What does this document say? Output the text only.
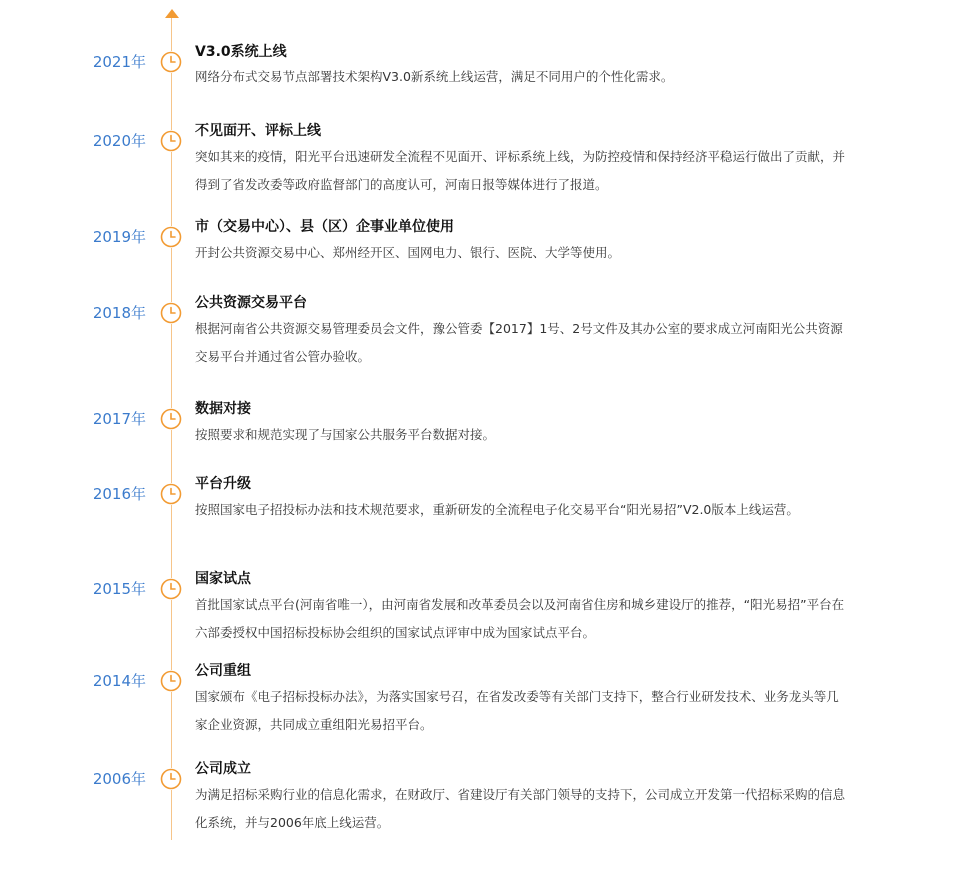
2021年
V3.0系统上线
网络分布式交易节点部署技术架构V3.0新系统上线运营，满足不同用户的个性化需求。
2020年
不见面开、评标上线
突如其来的疫情，阳光平台迅速研发全流程不见面开、评标系统上线，为防控疫情和保持经济平稳运行做出了贡献，并得到了省发改委等政府监督部门的高度认可，河南日报等媒体进行了报道。
2019年
市（交易中心）、县（区）企事业单位使用
开封公共资源交易中心、郑州经开区、国网电力、银行、医院、大学等使用。
2018年
公共资源交易平台
根据河南省公共资源交易管理委员会文件，豫公管委【2017】1号、2号文件及其办公室的要求成立河南阳光公共资源交易平台并通过省公管办验收。
2017年
数据对接
按照要求和规范实现了与国家公共服务平台数据对接。
2016年
平台升级
按照国家电子招投标办法和技术规范要求，重新研发的全流程电子化交易平台“阳光易招”V2.0版本上线运营。
2015年
国家试点
首批国家试点平台(河南省唯一），由河南省发展和改革委员会以及河南省住房和城乡建设厅的推荐，“阳光易招”平台在六部委授权中国招标投标协会组织的国家试点评审中成为国家试点平台。
2014年
公司重组
国家颁布《电子招标投标办法》，为落实国家号召，在省发改委等有关部门支持下，整合行业研发技术、业务龙头等几家企业资源，共同成立重组阳光易招平台。
2006年
公司成立
为满足招标采购行业的信息化需求，在财政厅、省建设厅有关部门领导的支持下，公司成立开发第一代招标采购的信息化系统，并与2006年底上线运营。
